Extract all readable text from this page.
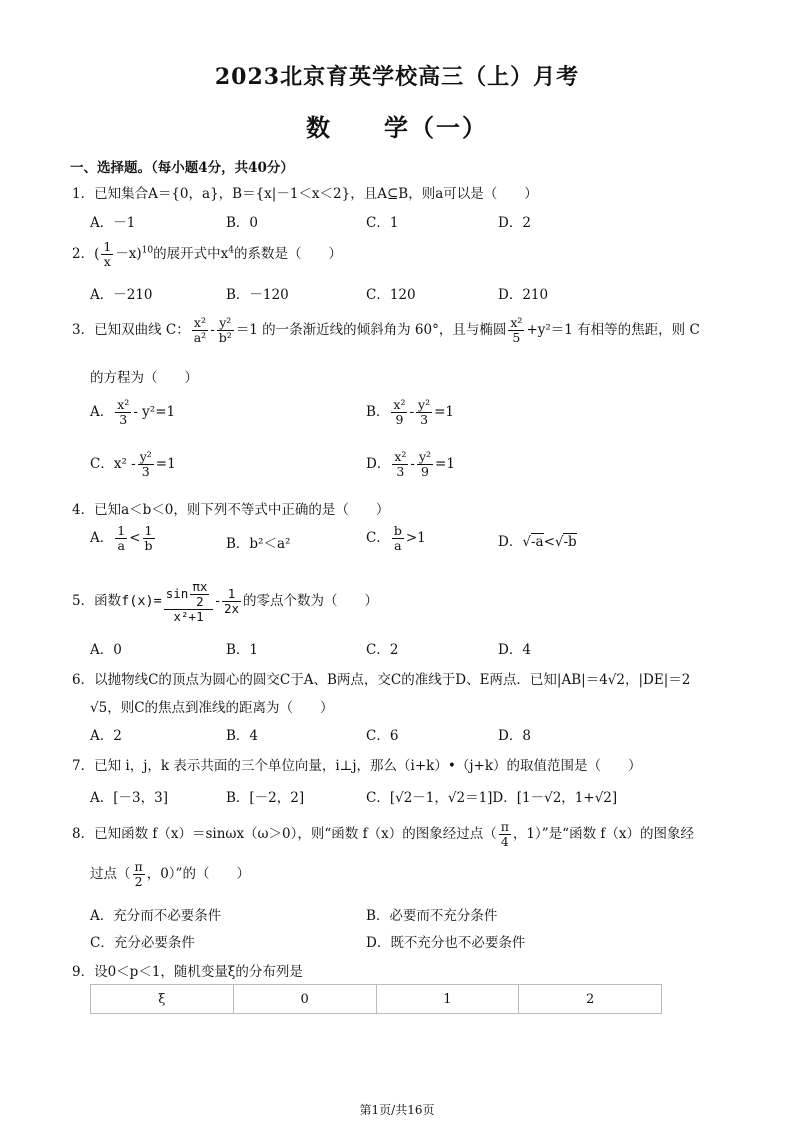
2023北京育英学校高三（上）月考
数　　学（一）
一、选择题。（每小题4分，共40分）
1．已知集合A＝{0，a}，B＝{x|－1＜x＜2}，且A⊆B，则a可以是（　　）
A．－1	B．0	C．1	D．2
2．( $\frac{1}{x} -x)^{10}$的展开式中$x^4$的系数是（　　）
A．－210	B．－120	C．120	D．210
3．已知双曲线 C： $\frac{\text{x²}}{\text{a²}} - \frac{\text{y²}}{\text{b²}} =1$ 的一条渐近线的倾斜角为 60°，且与椭圆 $\frac{\text{x²}}{5} +y^2=1$ 有相等的焦距，则 C
的方程为（　　）
A． $\frac{\text{x²}}{3} - y^2=1$	B． $\frac{\text{x²}}{9} - \frac{\text{y²}}{3} =1$
C．$x^2 - \frac{\text{y²}}{3} =1$	D． $\frac{\text{x²}}{3} - \frac{\text{y²}}{9} =1$
4．已知a＜b＜0，则下列不等式中正确的是（　　）
A． $\frac{1}{a} < \frac{1}{b}$	B．b²＜a²	C． $\frac{b}{a} >1$	D．√-a<√-b
5．函数$f(x)= \frac{\sin \frac{\pi x}{2}}{\text{x²+1}} - \frac{1}{2x}$ 的零点个数为（　　）
A．0	B．1	C．2	D．4
6．以抛物线C的顶点为圆心的圆交C于A、B两点，交C的准线于D、E两点．已知|AB|＝4√2，|DE|＝2
√5，则C的焦点到准线的距离为（　　）
A．2	B．4	C．6	D．8
7．已知 i，j，k 表示共面的三个单位向量，i⊥j，那么（i+k）•（j+k）的取值范围是（　　）
A．[－3，3]	B．[－2，2]	C．[√2－1，√2＝1]D．[1－√2，1+√2]
8．已知函数 f（x）＝sinωx（ω＞0），则“函数 f（x）的图象经过点（ $\frac{\pi}{4}$ ，1）”是“函数 f（x）的图象经
过点（ $\frac{\pi}{2}$ ，0）”的（　　）
A．充分而不必要条件	B．必要而不充分条件
C．充分必要条件	D．既不充分也不必要条件
9．设0＜p＜1，随机变量ξ的分布列是
ξ	0	1	2
第1页/共16页
